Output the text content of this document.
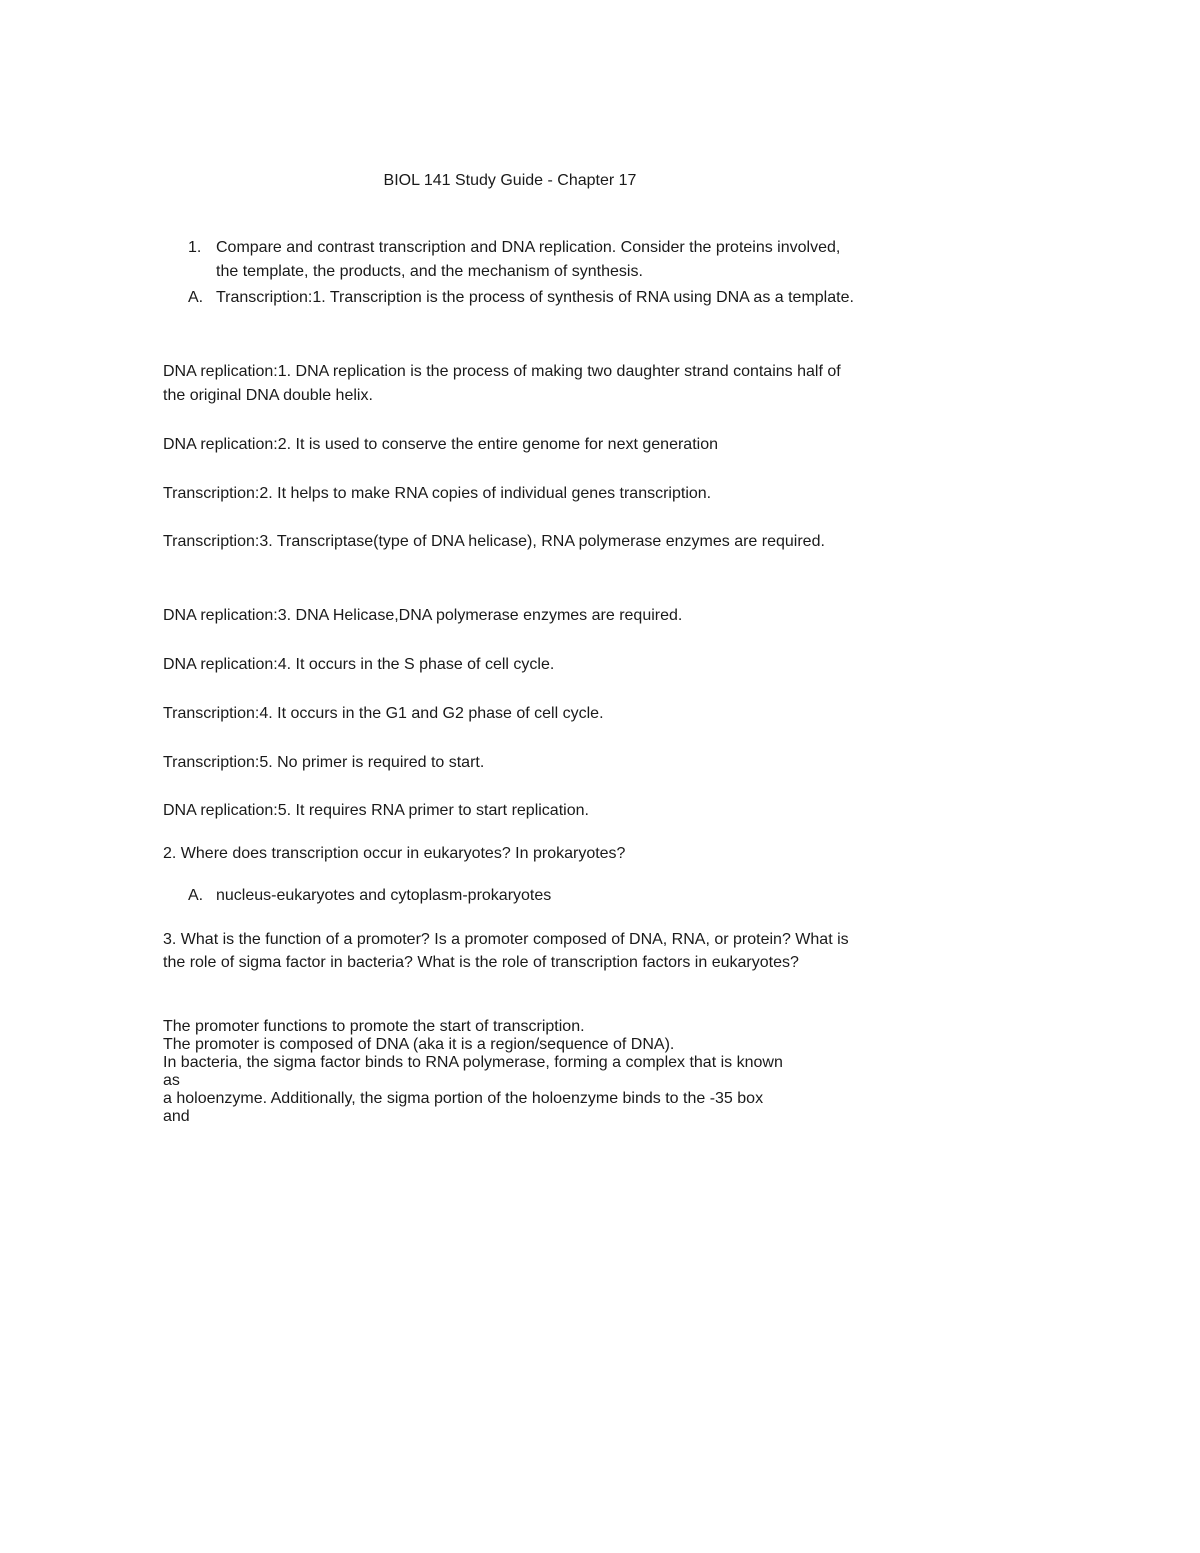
BIOL 141 Study Guide - Chapter 17
1. Compare and contrast transcription and DNA replication. Consider the proteins involved, the template, the products, and the mechanism of synthesis.
A. Transcription:1. Transcription is the process of synthesis of RNA using DNA as a template.
DNA replication:1. DNA replication is the process of making two daughter strand contains half of the original DNA double helix.
DNA replication:2. It is used to conserve the entire genome for next generation
Transcription:2. It helps to make RNA copies of individual genes transcription.
Transcription:3. Transcriptase(type of DNA helicase), RNA polymerase enzymes are required.
DNA replication:3. DNA Helicase,DNA polymerase enzymes are required.
DNA replication:4. It occurs in the S phase of cell cycle.
Transcription:4. It occurs in the G1 and G2 phase of cell cycle.
Transcription:5. No primer is required to start.
DNA replication:5. It requires RNA primer to start replication.
2. Where does transcription occur in eukaryotes? In prokaryotes?
A. nucleus-eukaryotes and cytoplasm-prokaryotes
3. What is the function of a promoter? Is a promoter composed of DNA, RNA, or protein? What is the role of sigma factor in bacteria? What is the role of transcription factors in eukaryotes?
The promoter functions to promote the start of transcription.
The promoter is composed of DNA (aka it is a region/sequence of DNA).
In bacteria, the sigma factor binds to RNA polymerase, forming a complex that is known
as
a holoenzyme. Additionally, the sigma portion of the holoenzyme binds to the -35 box
and
